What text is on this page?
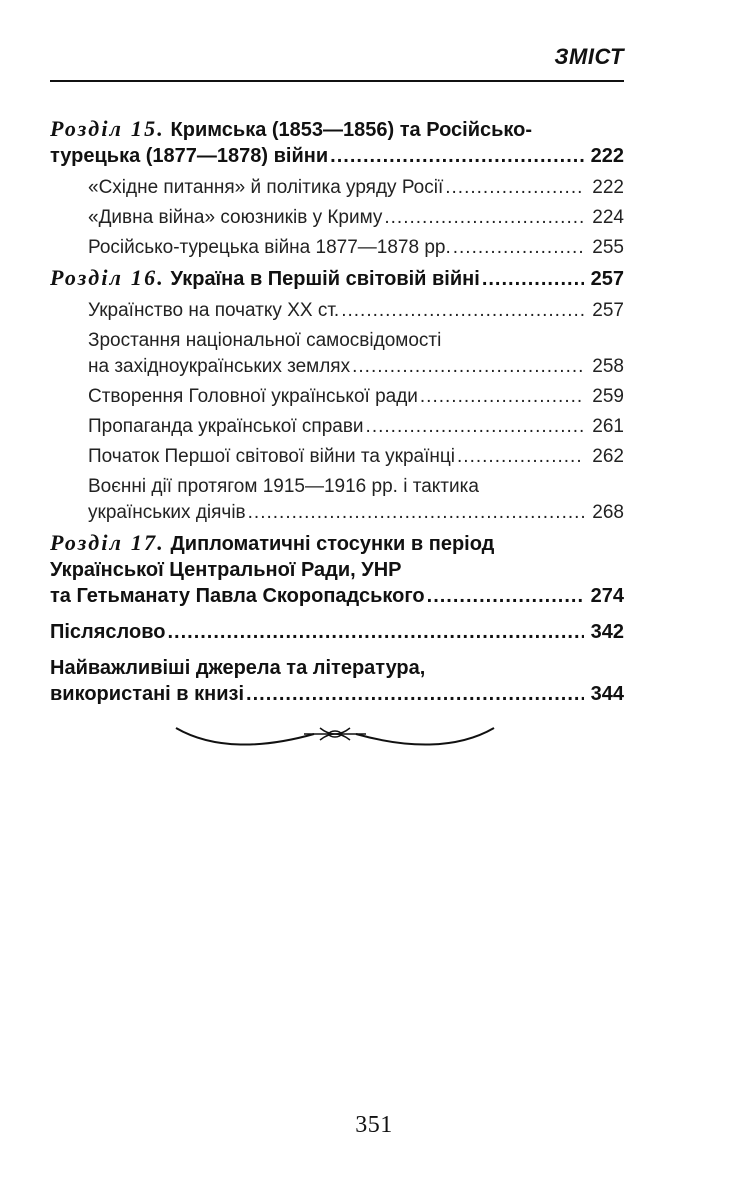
ЗМІСТ
Розділ 15.
Кримська (1853—1856) та Російсько-
турецька (1877—1878) війни .....	222
«Східне питання» й політика уряду Росії .....	222
«Дивна війна» союзників у Криму .....	224
Російсько-турецька війна 1877—1878 рр. .....	255
Розділ 16.
Україна в Першій світовій війні .....	257
Українство на початку XX ст. .....	257
Зростання національної самосвідомості
на західноукраїнських землях .....	258
Створення Головної української ради .....	259
Пропаганда української справи .....	261
Початок Першої світової війни та українці .....	262
Воєнні дії протягом 1915—1916 рр. і тактика
українських діячів .....	268
Розділ 17.
Дипломатичні стосунки в період
Української Центральної Ради, УНР
та Гетьманату Павла Скоропадського .....	274
Післяслово .....	342
Найважливіші джерела та література,
використані в книзі .....	344
351
